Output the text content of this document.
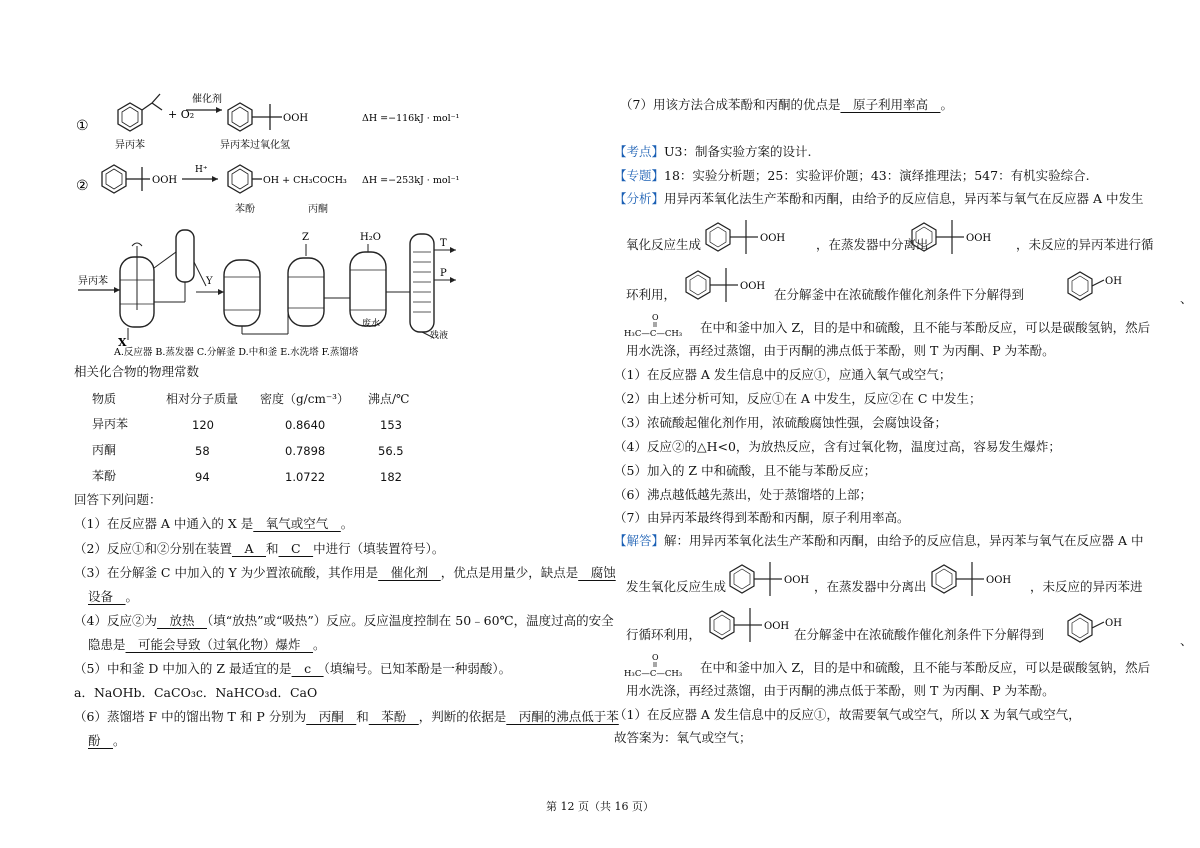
①
+ O₂
催化剂
OOH	ΔH =−116kJ · mol⁻¹
异丙苯	异丙苯过氧化氢
②	OOH
H⁺
OH + CH₃COCH₃ ΔH =−253kJ · mol⁻¹
苯酚	丙酮
异丙苯
X
Y
Z	H₂O
废水
T
P
残液
A.反应器 B.蒸发器 C.分解釜 D.中和釜 E.水洗塔 F.蒸馏塔
相关化合物的物理常数
物质	相对分子质量 密度（g/cm⁻³） 沸点/℃
异丙苯	120	0.8640	153
丙酮	58	0.7898	56.5
苯酚	94	1.0722	182
回答下列问题：
（1）在反应器 A 中通入的 X 是　氧气或空气　。
（2）反应①和②分别在装置　A　和　C　中进行（填装置符号）。
（3）在分解釜 C 中加入的 Y 为少置浓硫酸，其作用是　催化剂　，优点是用量少，缺点是　腐蚀
设备　。
（4）反应②为　放热　（填“放热”或“吸热”）反应。反应温度控制在 50﹣60℃，温度过高的安全
隐患是　可能会导致（过氧化物）爆炸　。
（5）中和釜 D 中加入的 Z 最适宜的是　c　（填编号。已知苯酚是一种弱酸）。
a．NaOHb．CaCO₃c．NaHCO₃d．CaO
（6）蒸馏塔 F 中的馏出物 T 和 P 分别为　丙酮　和　苯酚　，判断的依据是　丙酮的沸点低于苯
酚　。
（7）用该方法合成苯酚和丙酮的优点是　原子利用率高　。
【考点】U3：制备实验方案的设计.
【专题】18：实验分析题；25：实验评价题；43：演绎推理法；547：有机实验综合.
【分析】用异丙苯氧化法生产苯酚和丙酮，由给予的反应信息，异丙苯与氧气在反应器 A 中发生
氧化反应生成	OOH ，在蒸发器中分离出	OOH ，未反应的异丙苯进行循
环利用，
OOH
在分解釜中在浓硫酸作催化剂条件下分解得到
OH
、
O
H₃C—C—CH₃ 在中和釜中加入 Z，目的是中和硫酸，且不能与苯酚反应，可以是碳酸氢钠，然后
用水洗涤，再经过蒸馏，由于丙酮的沸点低于苯酚，则 T 为丙酮、P 为苯酚。
（1）在反应器 A 发生信息中的反应①，应通入氧气或空气；
（2）由上述分析可知，反应①在 A 中发生，反应②在 C 中发生；
（3）浓硫酸起催化剂作用，浓硫酸腐蚀性强，会腐蚀设备；
（4）反应②的△H<0，为放热反应，含有过氧化物，温度过高，容易发生爆炸；
（5）加入的 Z 中和硫酸，且不能与苯酚反应；
（6）沸点越低越先蒸出，处于蒸馏塔的上部；
（7）由异丙苯最终得到苯酚和丙酮，原子利用率高。
【解答】解：用异丙苯氧化法生产苯酚和丙酮，由给予的反应信息，异丙苯与氧气在反应器 A 中
发生氧化反应生成	OOH ，在蒸发器中分离出	OOH ，未反应的异丙苯进
行循环利用，
OOH
在分解釜中在浓硫酸作催化剂条件下分解得到
OH
、
O
H₃C—C—CH₃ 在中和釜中加入 Z，目的是中和硫酸，且不能与苯酚反应，可以是碳酸氢钠，然后
用水洗涤，再经过蒸馏，由于丙酮的沸点低于苯酚，则 T 为丙酮、P 为苯酚。
（1）在反应器 A 发生信息中的反应①，故需要氧气或空气，所以 X 为氧气或空气，
故答案为：氧气或空气；
第 12 页（共 16 页）
